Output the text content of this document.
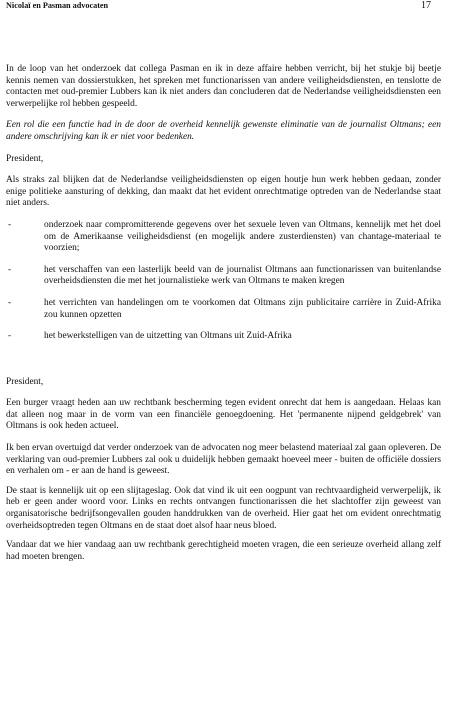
Nicolaï en Pasman advocaten	17

In de loop van het onderzoek dat collega Pasman en ik in deze affaire hebben verricht, bij het stukje bij beetje kennis nemen van dossierstukken, het spreken met functionarissen van andere veiligheidsdiensten, en tenslotte de contacten met oud-premier Lubbers kan ik niet anders dan concluderen dat de Nederlandse veiligheidsdiensten een verwerpelijke rol hebben gespeeld.

Een rol die een functie had in de door de overheid kennelijk gewenste eliminatie van de journalist Oltmans; een andere omschrijving kan ik er niet voor bedenken.

President,

Als straks zal blijken dat de Nederlandse veiligheidsdiensten op eigen houtje hun werk hebben gedaan, zonder enige politieke aansturing of dekking, dan maakt dat het evident onrechtmatige optreden van de Nederlandse staat niet anders.

-	onderzoek naar compromitterende gegevens over het sexuele leven van Oltmans, kennelijk met het doel om de Amerikaanse veiligheidsdienst (en mogelijk andere zusterdiensten) van chantage-materiaal te voorzien;
-	het verschaffen van een lasterlijk beeld van de journalist Oltmans aan functionarissen van buitenlandse overheidsdiensten die met het journalistieke werk van Oltmans te maken kregen
-	het verrichten van handelingen om te voorkomen dat Oltmans zijn publicitaire carrière in Zuid-Afrika zou kunnen opzetten
-	het bewerkstelligen van de uitzetting van Oltmans uit Zuid-Afrika

President,

Een burger vraagt heden aan uw rechtbank bescherming tegen evident onrecht dat hem is aangedaan. Helaas kan dat alleen nog maar in de vorm van een financiële genoegdoening. Het 'permanente nijpend geldgebrek' van Oltmans is ook heden actueel.

Ik ben ervan overtuigd dat verder onderzoek van de advocaten nog meer belastend materiaal zal gaan opleveren. De verklaring van oud-premier Lubbers zal ook u duidelijk hebben gemaakt hoeveel meer - buiten de officiële dossiers en verhalen om - er aan de hand is geweest.

De staat is kennelijk uit op een slijtageslag. Ook dat vind ik uit een oogpunt van rechtvaardigheid verwerpelijk, ik heb er geen ander woord voor. Links en rechts ontvangen functionarissen die het slachtoffer zijn geweest van organisatorische bedrijfsongevallen gouden handdrukken van de overheid. Hier gaat het om evident onrechtmatig overheidsoptreden tegen Oltmans en de staat doet alsof haar neus bloed.

Vandaar dat we hier vandaag aan uw rechtbank gerechtigheid moeten vragen, die een serieuze overheid allang zelf had moeten brengen.
